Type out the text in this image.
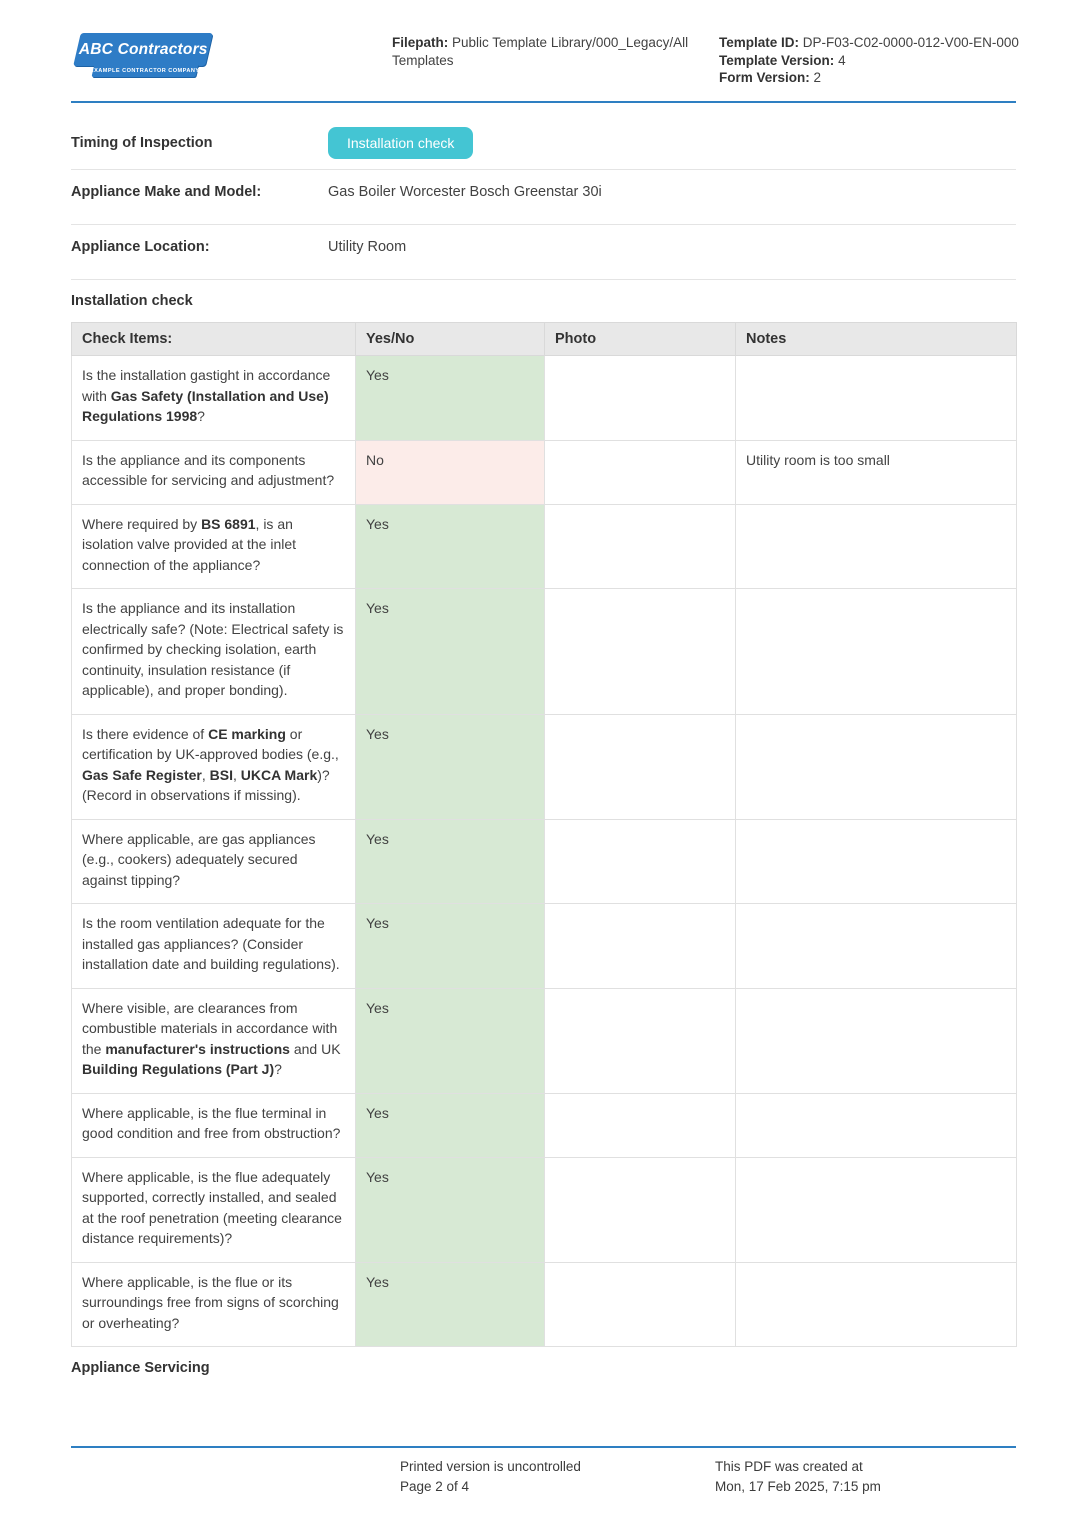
ABC Contractors
EXAMPLE CONTRACTOR COMPANY
Filepath: Public Template Library/000_Legacy/All Templates
Template ID: DP-F03-C02-0000-012-V00-EN-000
Template Version: 4
Form Version: 2
Timing of Inspection	Installation check
Appliance Make and Model:	Gas Boiler Worcester Bosch Greenstar 30i
Appliance Location:	Utility Room
Installation check
Check Items:	Yes/No	Photo	Notes
Is the installation gastight in accordance with Gas Safety (Installation and Use) Regulations 1998?	Yes		
Is the appliance and its components accessible for servicing and adjustment?	No		Utility room is too small
Where required by BS 6891, is an isolation valve provided at the inlet connection of the appliance?	Yes		
Is the appliance and its installation electrically safe? (Note: Electrical safety is confirmed by checking isolation, earth continuity, insulation resistance (if applicable), and proper bonding).	Yes		
Is there evidence of CE marking or certification by UK-approved bodies (e.g., Gas Safe Register, BSI, UKCA Mark)? (Record in observations if missing).	Yes		
Where applicable, are gas appliances (e.g., cookers) adequately secured against tipping?	Yes		
Is the room ventilation adequate for the installed gas appliances? (Consider installation date and building regulations).	Yes		
Where visible, are clearances from combustible materials in accordance with the manufacturer's instructions and UK Building Regulations (Part J)?	Yes		
Where applicable, is the flue terminal in good condition and free from obstruction?	Yes		
Where applicable, is the flue adequately supported, correctly installed, and sealed at the roof penetration (meeting clearance distance requirements)?	Yes		
Where applicable, is the flue or its surroundings free from signs of scorching or overheating?	Yes		
Appliance Servicing
Printed version is uncontrolled
Page 2 of 4
This PDF was created at
Mon, 17 Feb 2025, 7:15 pm
